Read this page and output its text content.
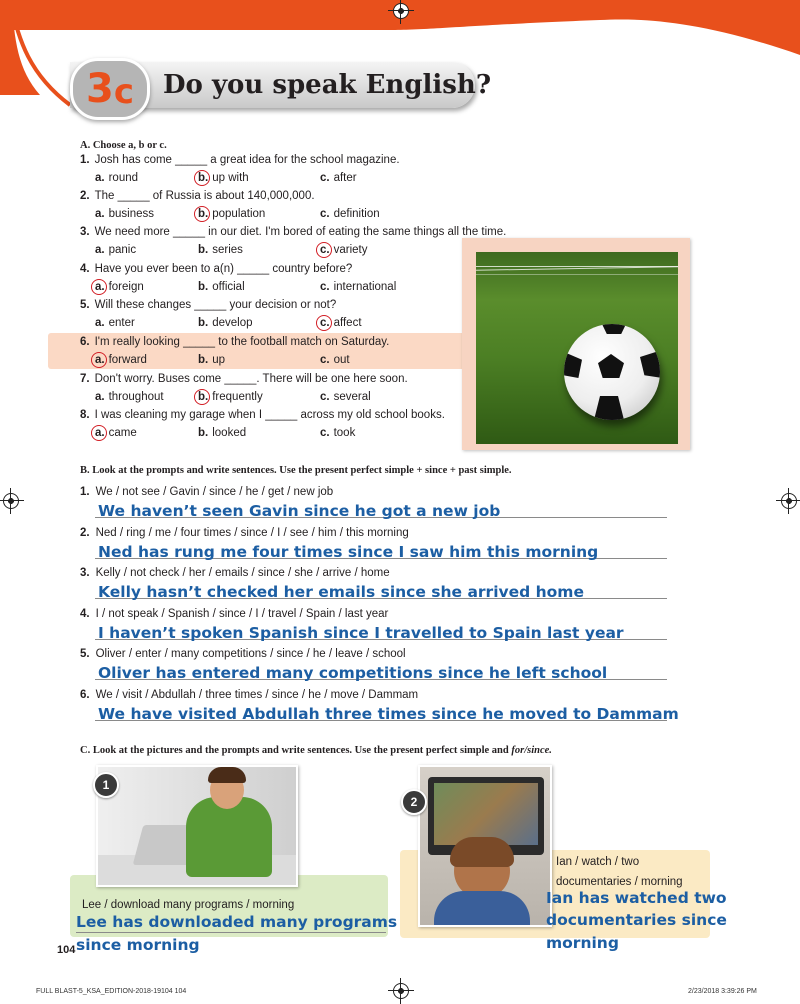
3 c Do you speak English?
A. Choose a, b or c.
1. Josh has come _____ a great idea for the school magazine.
a. round	b. up with	c. after
2. The _____ of Russia is about 140,000,000.
a. business	b. population	c. definition
3. We need more _____ in our diet. I'm bored of eating the same things all the time.
a. panic	b. series	c. variety
4. Have you ever been to a(n) _____ country before?
a. foreign	b. official	c. international
5. Will these changes _____ your decision or not?
a. enter	b. develop	c. affect
6. I'm really looking _____ to the football match on Saturday.
a. forward	b. up	c. out
7. Don't worry. Buses come _____. There will be one here soon.
a. throughout	b. frequently	c. several
8. I was cleaning my garage when I _____ across my old school books.
a. came	b. looked	c. took
B. Look at the prompts and write sentences. Use the present perfect simple + since + past simple.
1. We / not see / Gavin / since / he / get / new job
We haven’t seen Gavin since he got a new job
2. Ned / ring / me / four times / since / I / see / him / this morning
Ned has rung me four times since I saw him this morning
3. Kelly / not check / her / emails / since / she / arrive / home
Kelly hasn’t checked her emails since she arrived home
4. I / not speak / Spanish / since / I / travel / Spain / last year
I haven’t spoken Spanish since I travelled to Spain last year
5. Oliver / enter / many competitions / since / he / leave / school
Oliver has entered many competitions since he left school
6. We / visit / Abdullah / three times / since / he / move / Dammam
We have visited Abdullah three times since he moved to Dammam
C. Look at the pictures and the prompts and write sentences. Use the present perfect simple and for/since.
1
Lee / download many programs / morning
Lee has downloaded many programs
since morning
2
Ian / watch / two
documentaries / morning
Ian has watched two
documentaries since
morning
104
FULL BLAST-5_KSA_EDITION-2018-19104 104	2/23/2018 3:39:26 PM
